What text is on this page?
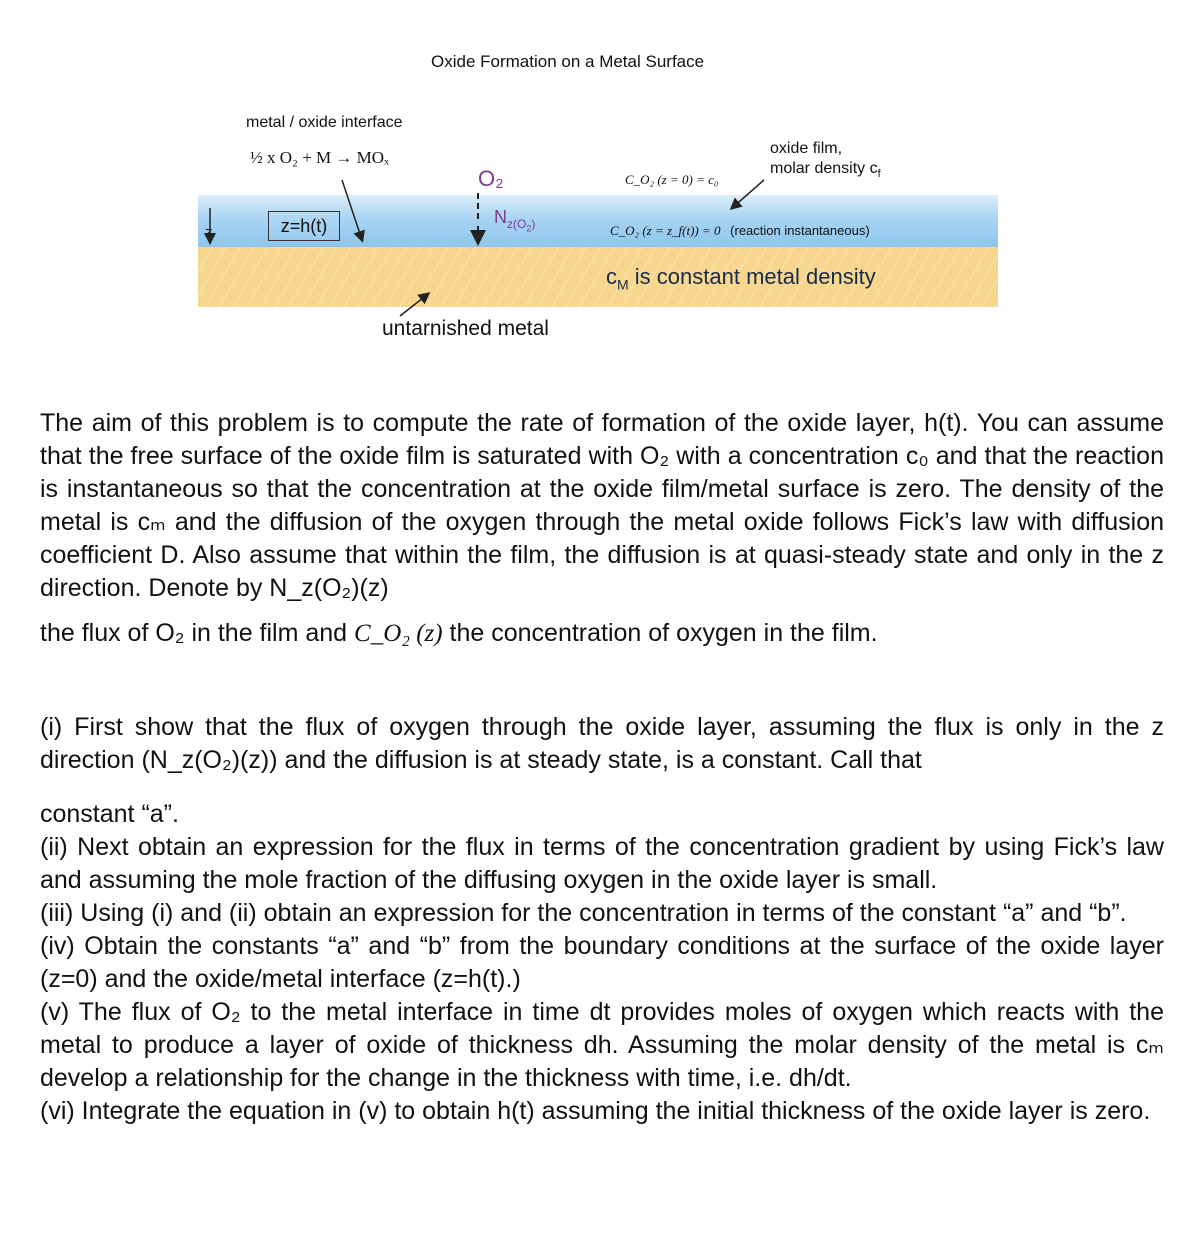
Oxide Formation on a Metal Surface
metal / oxide interface
½ x O₂ + M → MOₓ
z=h(t)
z
O₂
$N_{z(O_2)}$
oxide film,
molar density $c_f$
C_O₂ (z = 0) = c₀
C_O₂ (z = z_f(t)) = 0 (reaction instantaneous)
$c_M$ is constant metal density
untarnished metal
The aim of this problem is to compute the rate of formation of the oxide layer, h(t). You can assume that the free surface of the oxide film is saturated with O₂ with a concentration c₀ and that the reaction is instantaneous so that the concentration at the oxide film/metal surface is zero. The density of the metal is cₘ and the diffusion of the oxygen through the metal oxide follows Fick’s law with diffusion coefficient D. Also assume that within the film, the diffusion is at quasi-steady state and only in the z direction. Denote by N_z(O₂)(z)
the flux of O₂ in the film and C_O₂ (z) the concentration of oxygen in the film.
(i) First show that the flux of oxygen through the oxide layer, assuming the flux is only in the z direction (N_z(O₂)(z)) and the diffusion is at steady state, is a constant. Call that
constant “a”.
(ii) Next obtain an expression for the flux in terms of the concentration gradient by using Fick’s law and assuming the mole fraction of the diffusing oxygen in the oxide layer is small.
(iii) Using (i) and (ii) obtain an expression for the concentration in terms of the constant “a” and “b”.
(iv) Obtain the constants “a” and “b” from the boundary conditions at the surface of the oxide layer (z=0) and the oxide/metal interface (z=h(t).)
(v) The flux of O₂ to the metal interface in time dt provides moles of oxygen which reacts with the metal to produce a layer of oxide of thickness dh. Assuming the molar density of the metal is cₘ develop a relationship for the change in the thickness with time, i.e. dh/dt.
(vi) Integrate the equation in (v) to obtain h(t) assuming the initial thickness of the oxide layer is zero.
